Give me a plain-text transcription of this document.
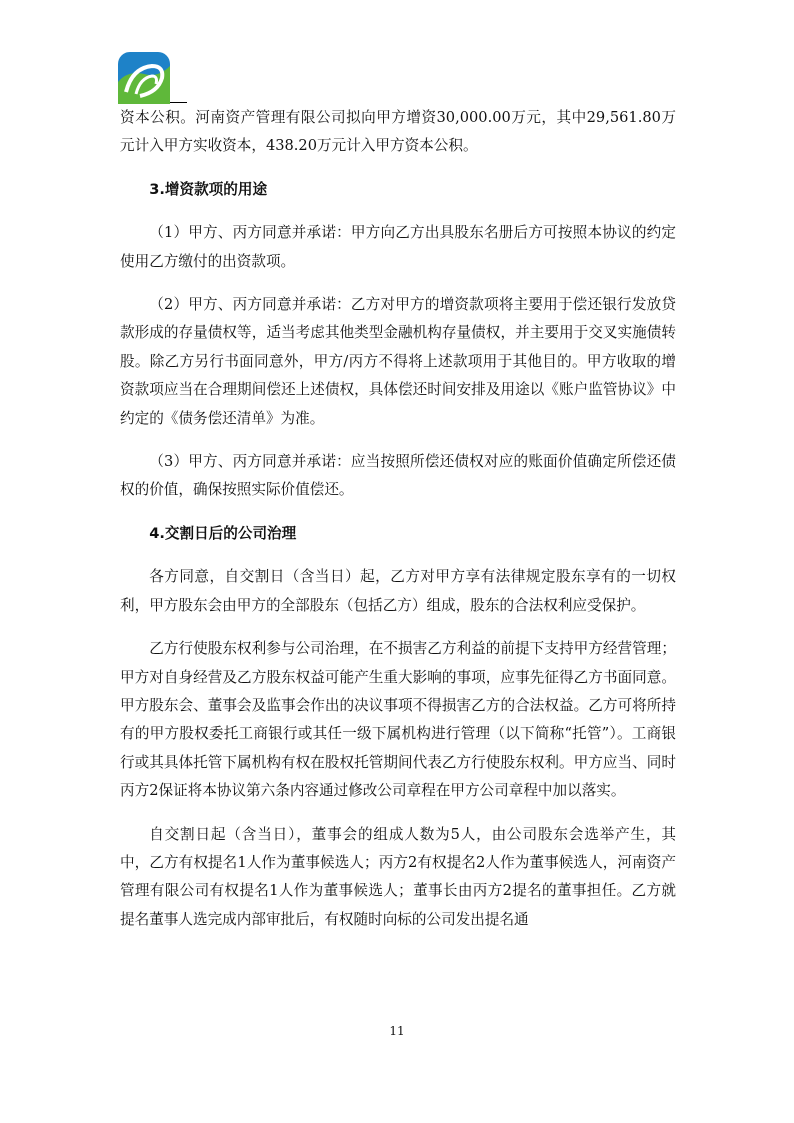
资本公积。河南资产管理有限公司拟向甲方增资30,000.00万元，其中29,561.80万元计入甲方实收资本，438.20万元计入甲方资本公积。

3.增资款项的用途

（1）甲方、丙方同意并承诺：甲方向乙方出具股东名册后方可按照本协议的约定使用乙方缴付的出资款项。

（2）甲方、丙方同意并承诺：乙方对甲方的增资款项将主要用于偿还银行发放贷款形成的存量债权等，适当考虑其他类型金融机构存量债权，并主要用于交叉实施债转股。除乙方另行书面同意外，甲方/丙方不得将上述款项用于其他目的。甲方收取的增资款项应当在合理期间偿还上述债权，具体偿还时间安排及用途以《账户监管协议》中约定的《债务偿还清单》为准。

（3）甲方、丙方同意并承诺：应当按照所偿还债权对应的账面价值确定所偿还债权的价值，确保按照实际价值偿还。

4.交割日后的公司治理

各方同意，自交割日（含当日）起，乙方对甲方享有法律规定股东享有的一切权利，甲方股东会由甲方的全部股东（包括乙方）组成，股东的合法权利应受保护。

乙方行使股东权利参与公司治理，在不损害乙方利益的前提下支持甲方经营管理；甲方对自身经营及乙方股东权益可能产生重大影响的事项，应事先征得乙方书面同意。甲方股东会、董事会及监事会作出的决议事项不得损害乙方的合法权益。乙方可将所持有的甲方股权委托工商银行或其任一级下属机构进行管理（以下简称“托管”）。工商银行或其具体托管下属机构有权在股权托管期间代表乙方行使股东权利。甲方应当、同时丙方2保证将本协议第六条内容通过修改公司章程在甲方公司章程中加以落实。

自交割日起（含当日），董事会的组成人数为5人，由公司股东会选举产生，其中，乙方有权提名1人作为董事候选人；丙方2有权提名2人作为董事候选人，河南资产管理有限公司有权提名1人作为董事候选人；董事长由丙方2提名的董事担任。乙方就提名董事人选完成内部审批后，有权随时向标的公司发出提名通

11
